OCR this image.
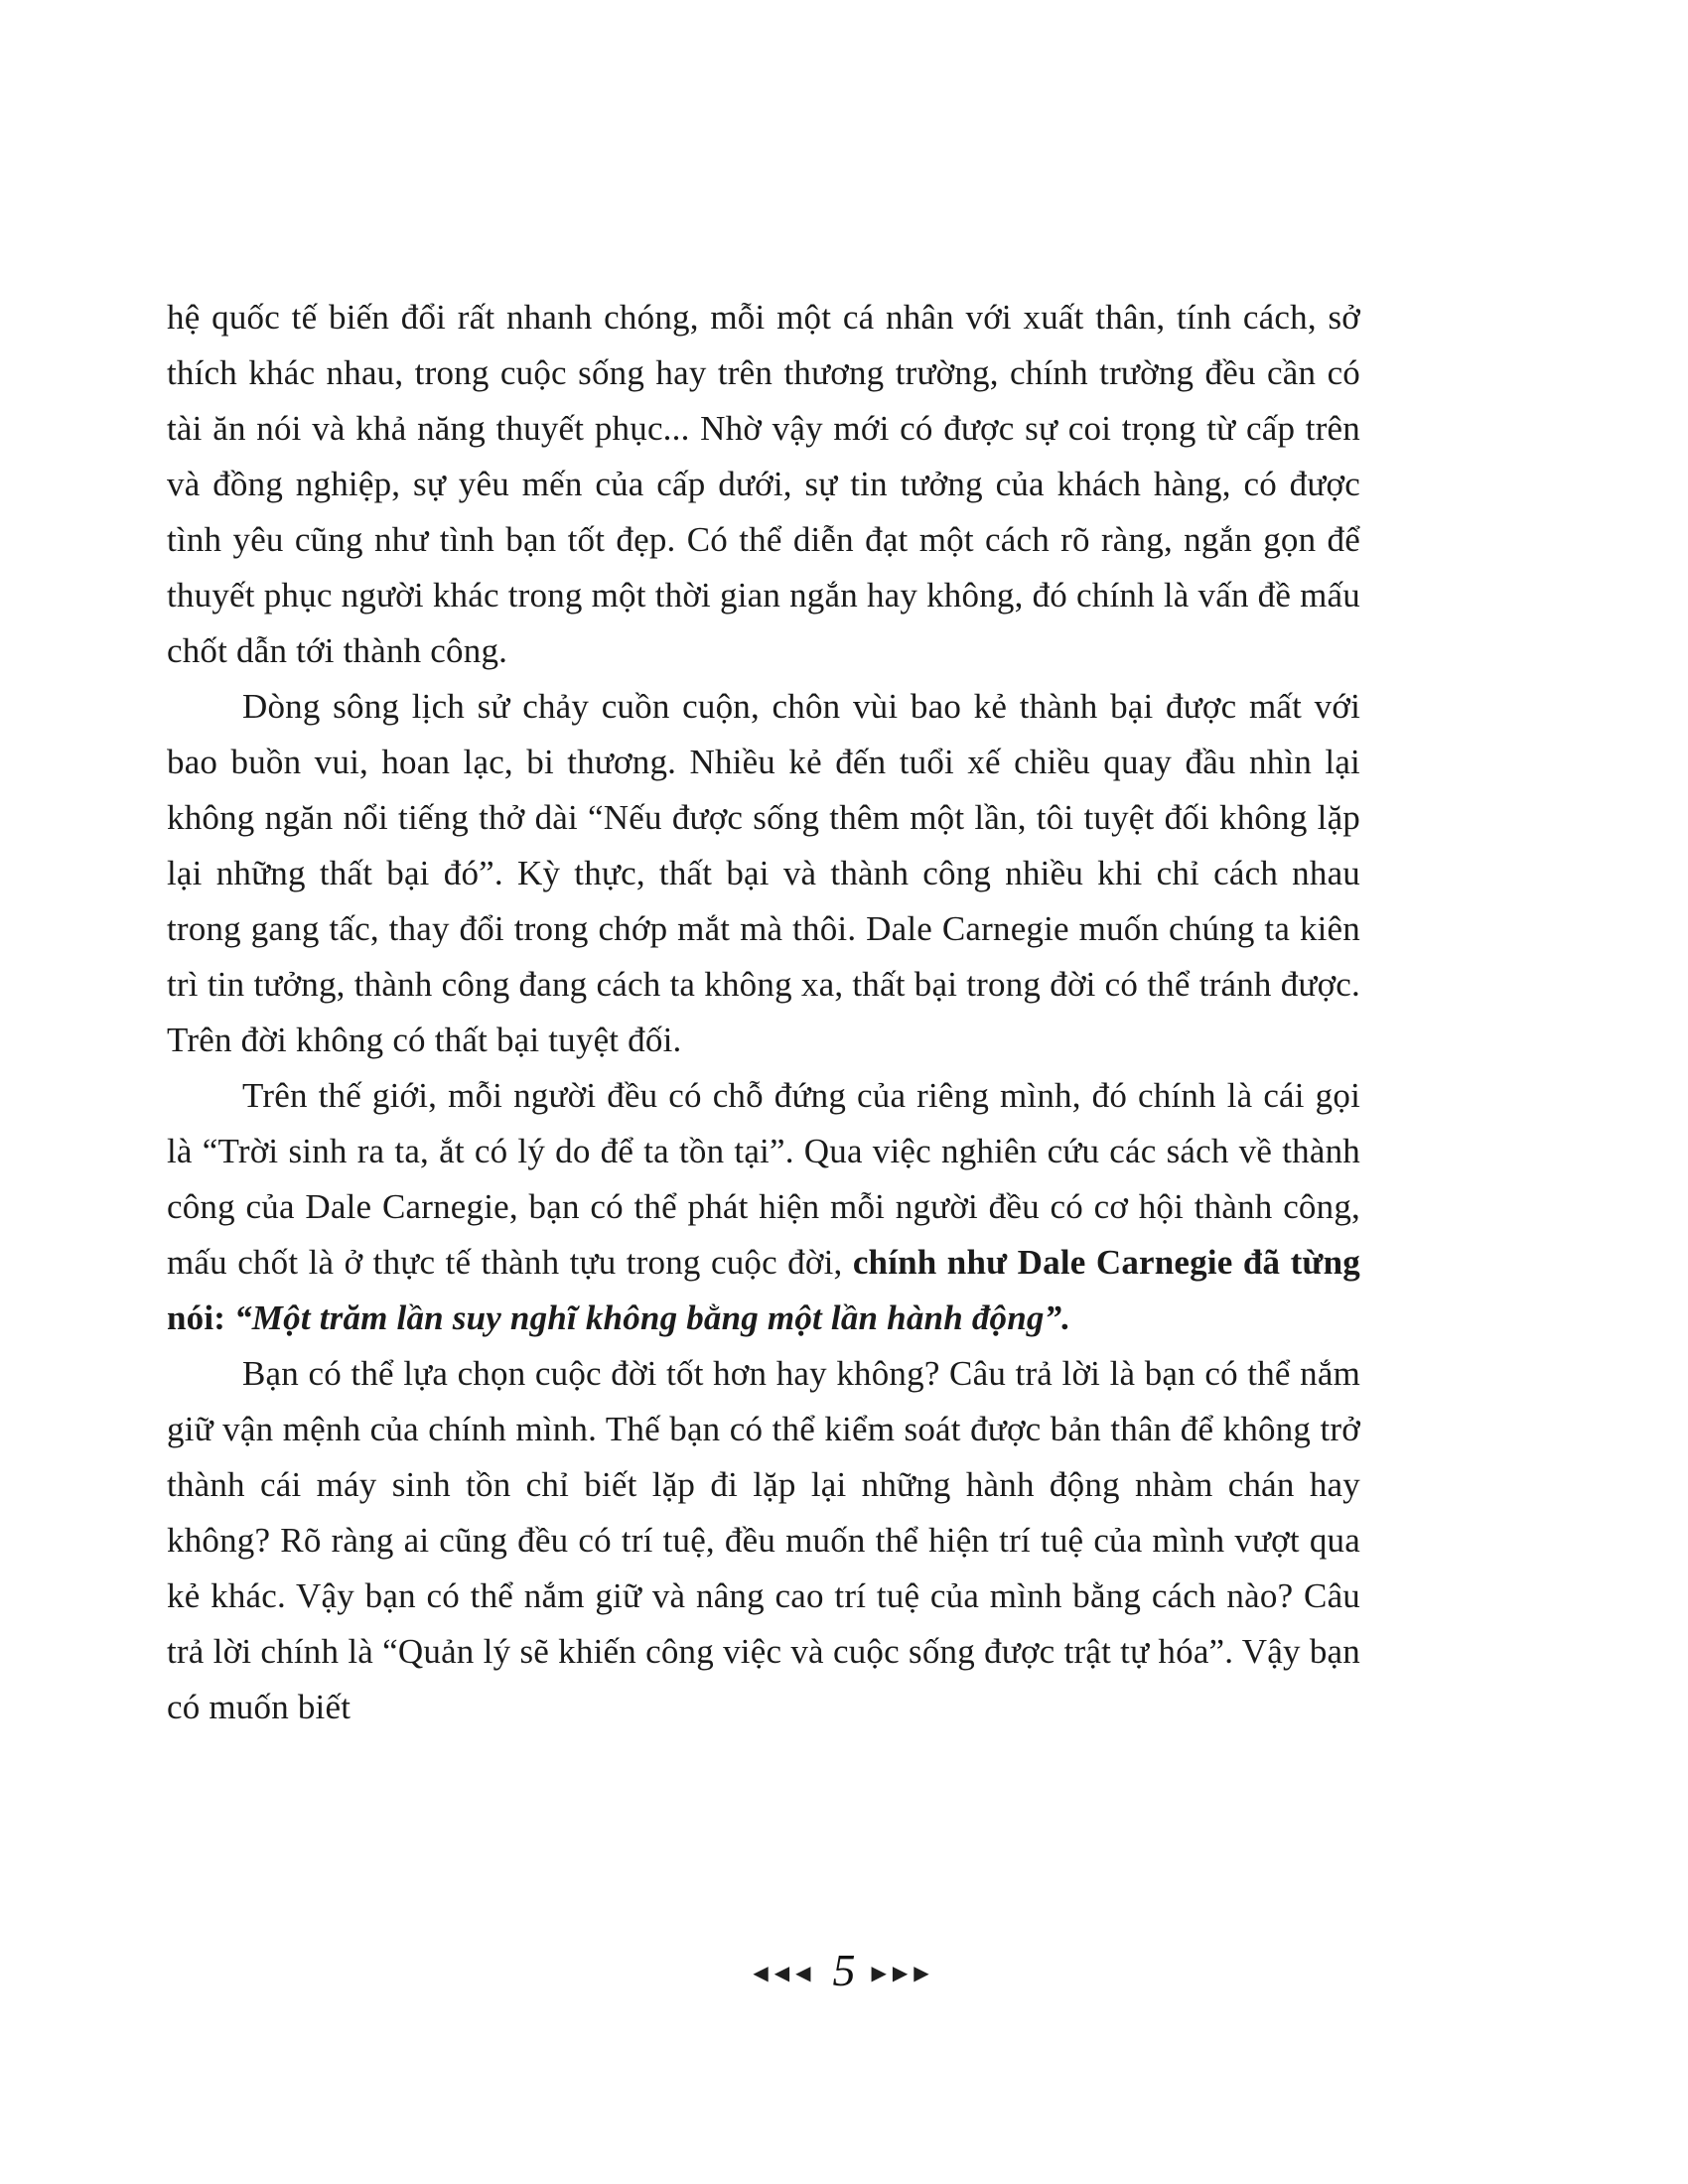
hệ quốc tế biến đổi rất nhanh chóng, mỗi một cá nhân với xuất thân, tính cách, sở thích khác nhau, trong cuộc sống hay trên thương trường, chính trường đều cần có tài ăn nói và khả năng thuyết phục... Nhờ vậy mới có được sự coi trọng từ cấp trên và đồng nghiệp, sự yêu mến của cấp dưới, sự tin tưởng của khách hàng, có được tình yêu cũng như tình bạn tốt đẹp. Có thể diễn đạt một cách rõ ràng, ngắn gọn để thuyết phục người khác trong một thời gian ngắn hay không, đó chính là vấn đề mấu chốt dẫn tới thành công.

Dòng sông lịch sử chảy cuồn cuộn, chôn vùi bao kẻ thành bại được mất với bao buồn vui, hoan lạc, bi thương. Nhiều kẻ đến tuổi xế chiều quay đầu nhìn lại không ngăn nổi tiếng thở dài “Nếu được sống thêm một lần, tôi tuyệt đối không lặp lại những thất bại đó”. Kỳ thực, thất bại và thành công nhiều khi chỉ cách nhau trong gang tấc, thay đổi trong chớp mắt mà thôi. Dale Carnegie muốn chúng ta kiên trì tin tưởng, thành công đang cách ta không xa, thất bại trong đời có thể tránh được. Trên đời không có thất bại tuyệt đối.

Trên thế giới, mỗi người đều có chỗ đứng của riêng mình, đó chính là cái gọi là “Trời sinh ra ta, ắt có lý do để ta tồn tại”. Qua việc nghiên cứu các sách về thành công của Dale Carnegie, bạn có thể phát hiện mỗi người đều có cơ hội thành công, mấu chốt là ở thực tế thành tựu trong cuộc đời, chính như Dale Carnegie đã từng nói: “Một trăm lần suy nghĩ không bằng một lần hành động”.

Bạn có thể lựa chọn cuộc đời tốt hơn hay không? Câu trả lời là bạn có thể nắm giữ vận mệnh của chính mình. Thế bạn có thể kiểm soát được bản thân để không trở thành cái máy sinh tồn chỉ biết lặp đi lặp lại những hành động nhàm chán hay không? Rõ ràng ai cũng đều có trí tuệ, đều muốn thể hiện trí tuệ của mình vượt qua kẻ khác. Vậy bạn có thể nắm giữ và nâng cao trí tuệ của mình bằng cách nào? Câu trả lời chính là “Quản lý sẽ khiến công việc và cuộc sống được trật tự hóa”. Vậy bạn có muốn biết

◀◀◀ 5 ▶▶▶
